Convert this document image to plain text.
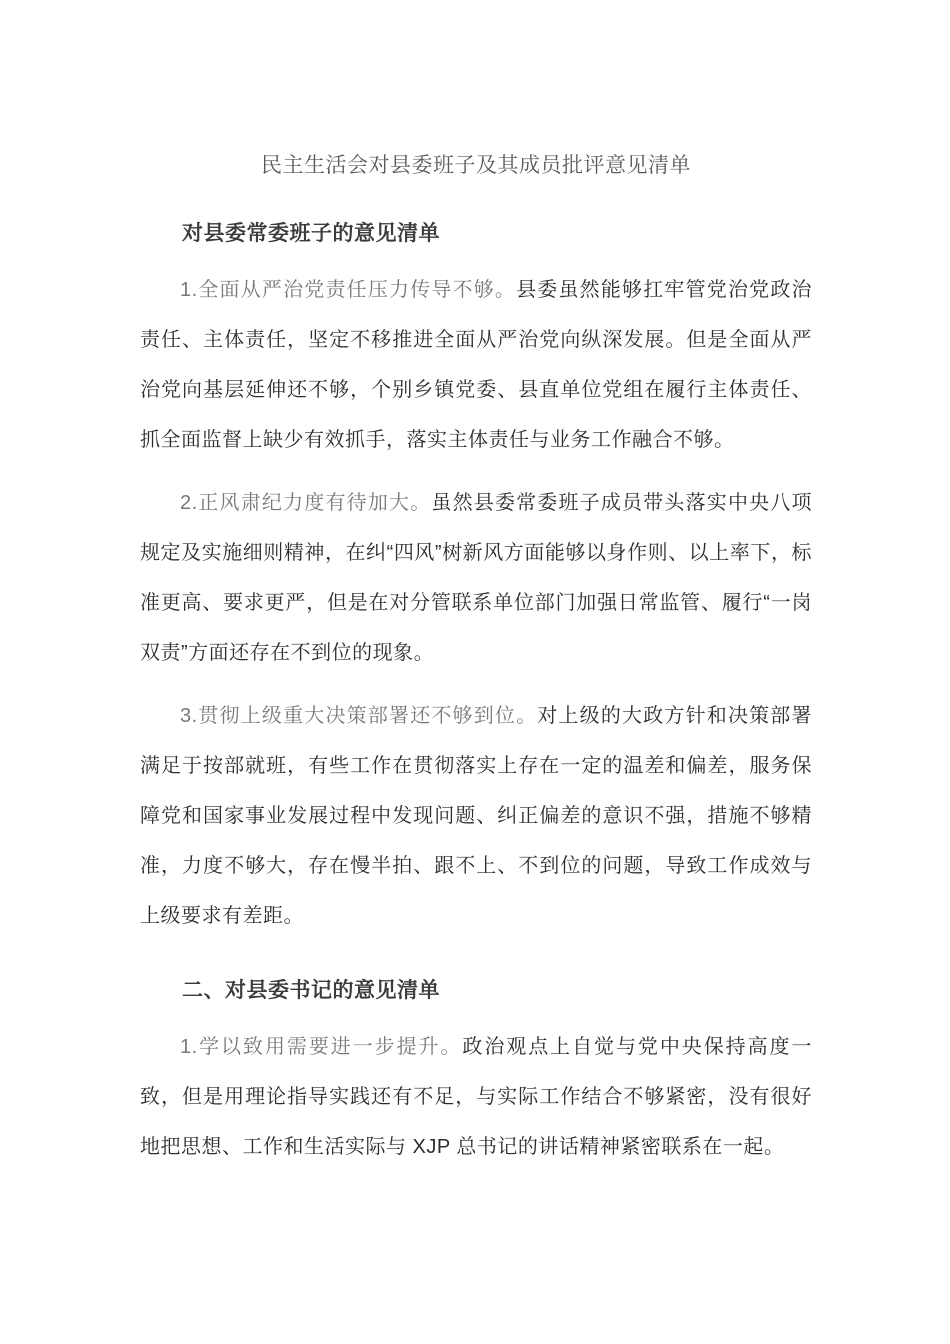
民主生活会对县委班子及其成员批评意见清单
对县委常委班子的意见清单

1.全面从严治党责任压力传导不够。县委虽然能够扛牢管党治党政治责任、主体责任，坚定不移推进全面从严治党向纵深发展。但是全面从严治党向基层延伸还不够，个别乡镇党委、县直单位党组在履行主体责任、抓全面监督上缺少有效抓手，落实主体责任与业务工作融合不够。

2.正风肃纪力度有待加大。虽然县委常委班子成员带头落实中央八项规定及实施细则精神，在纠“四风”树新风方面能够以身作则、以上率下，标准更高、要求更严，但是在对分管联系单位部门加强日常监管、履行“一岗双责”方面还存在不到位的现象。

3.贯彻上级重大决策部署还不够到位。对上级的大政方针和决策部署满足于按部就班，有些工作在贯彻落实上存在一定的温差和偏差，服务保障党和国家事业发展过程中发现问题、纠正偏差的意识不强，措施不够精准，力度不够大，存在慢半拍、跟不上、不到位的问题，导致工作成效与上级要求有差距。

二、对县委书记的意见清单

1.学以致用需要进一步提升。政治观点上自觉与党中央保持高度一致，但是用理论指导实践还有不足，与实际工作结合不够紧密，没有很好地把思想、工作和生活实际与 XJP 总书记的讲话精神紧密联系在一起。
